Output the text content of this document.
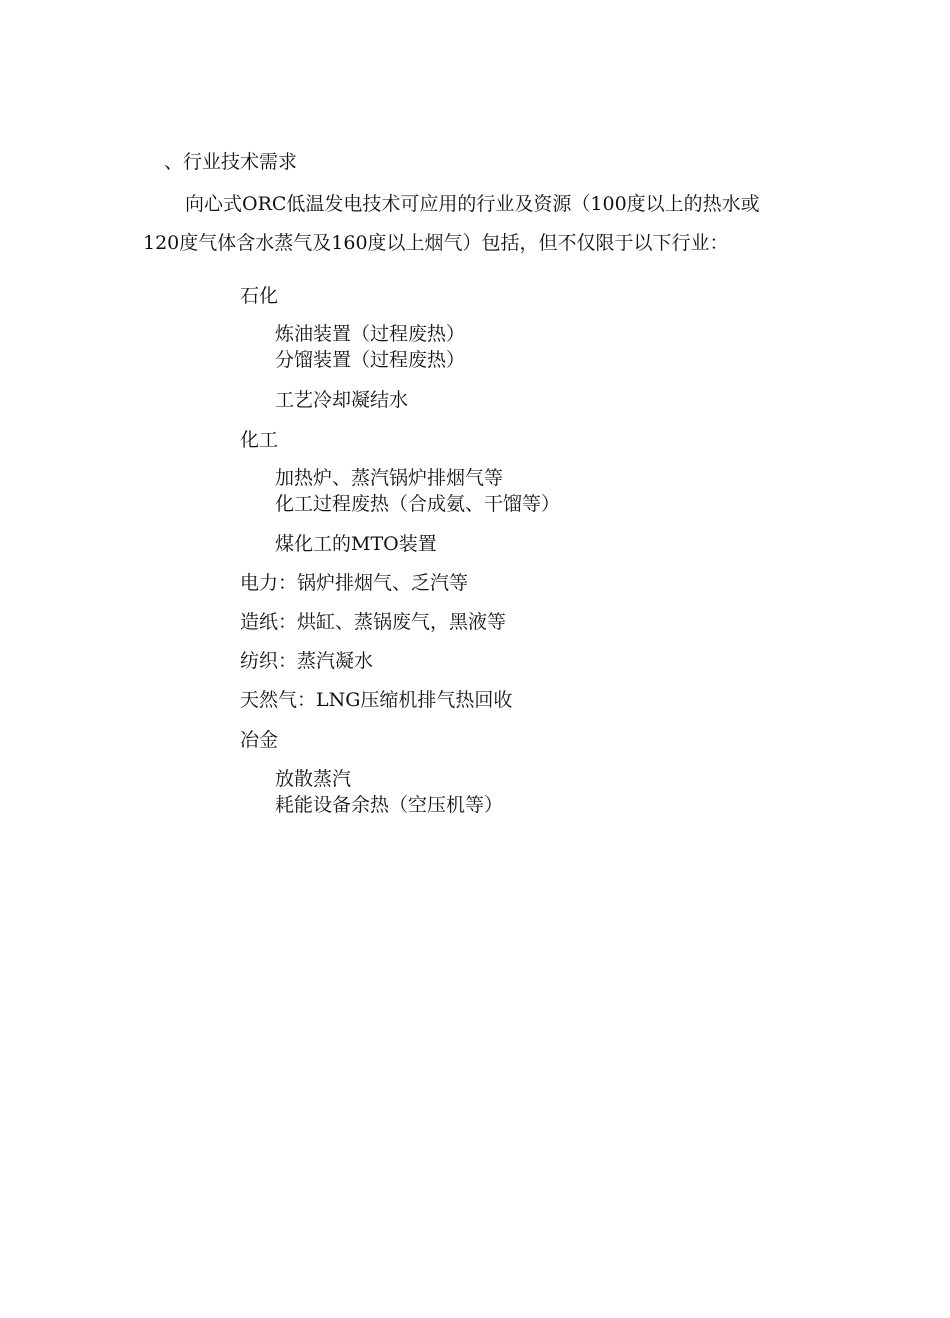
、行业技术需求
向心式ORC低温发电技术可应用的行业及资源（100度以上的热水或
120度气体含水蒸气及160度以上烟气）包括，但不仅限于以下行业：
石化
炼油装置（过程废热）
分馏装置（过程废热）
工艺冷却凝结水
化工
加热炉、蒸汽锅炉排烟气等
化工过程废热（合成氨、干馏等）
煤化工的MTO装置
电力：锅炉排烟气、乏汽等
造纸：烘缸、蒸锅废气，黑液等
纺织：蒸汽凝水
天然气：LNG压缩机排气热回收
冶金
放散蒸汽
耗能设备余热（空压机等）
